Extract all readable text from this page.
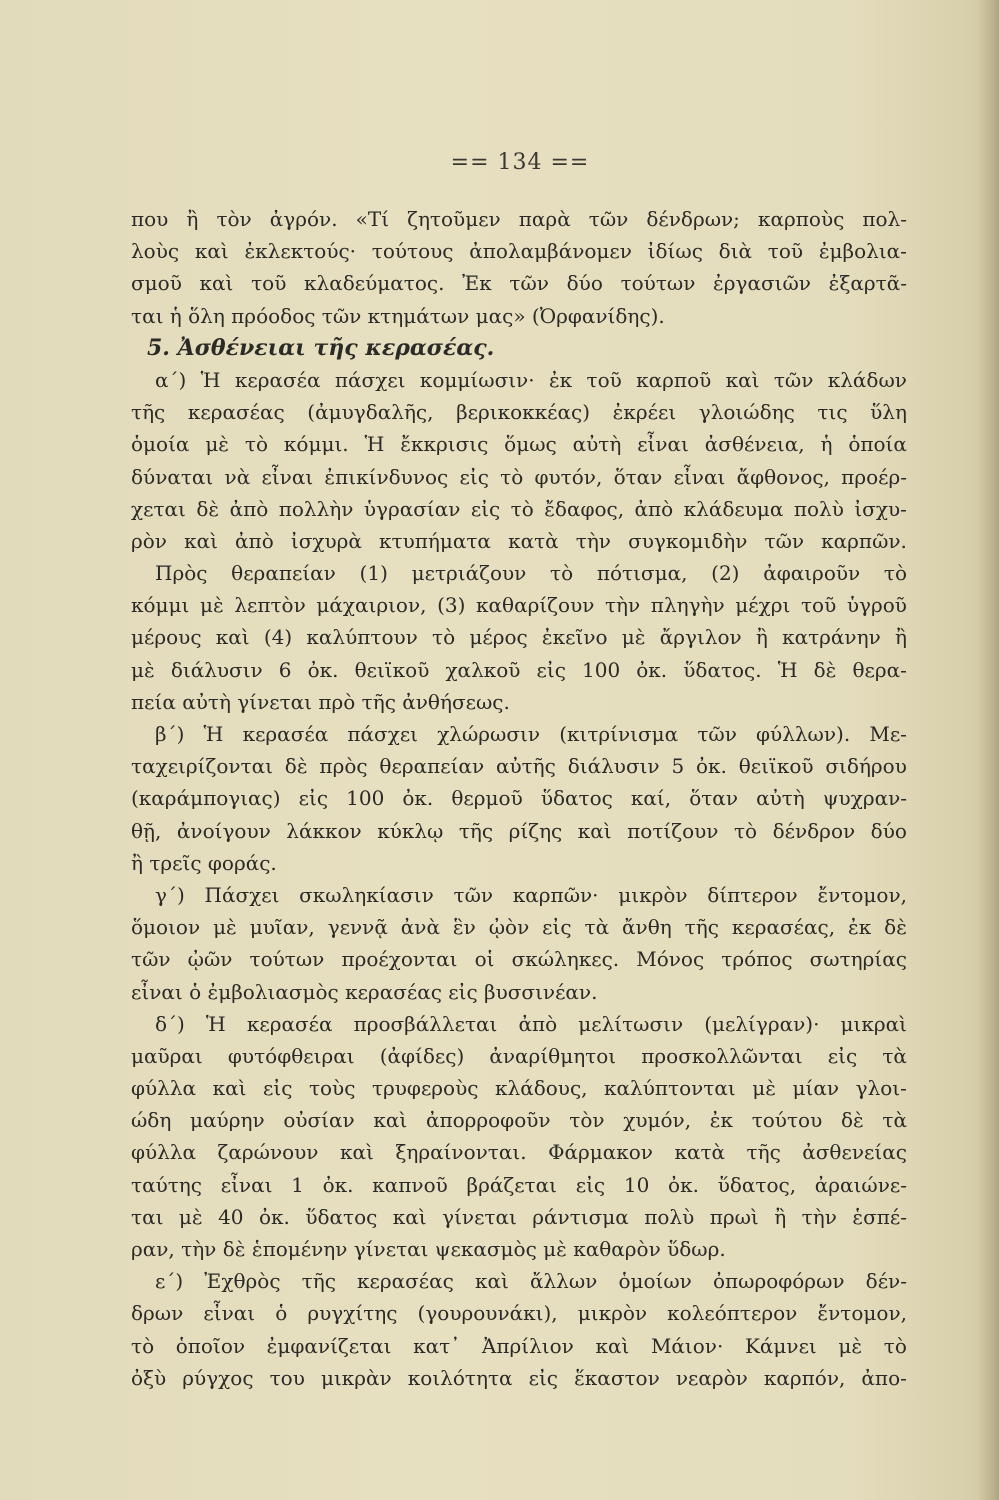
== 134 ==
που ἢ τὸν ἀγρόν. «Τί ζητοῦμεν παρὰ τῶν δένδρων; καρποὺς πολ-
λοὺς καὶ ἐκλεκτούς· τούτους ἀπολαμβάνομεν ἰδίως διὰ τοῦ ἐμβολια-
σμοῦ καὶ τοῦ κλαδεύματος. Ἐκ τῶν δύο τούτων ἐργασιῶν ἐξαρτᾶ-
ται ἡ ὅλη πρόοδος τῶν κτημάτων μας» (Ὀρφανίδης).
5. Ἀσθένειαι τῆς κερασέας.
α΄) Ἡ κερασέα πάσχει κομμίωσιν· ἐκ τοῦ καρποῦ καὶ τῶν κλάδων
τῆς κερασέας (ἀμυγδαλῆς, βερικοκκέας) ἐκρέει γλοιώδης τις ὕλη
ὁμοία μὲ τὸ κόμμι. Ἡ ἔκκρισις ὅμως αὐτὴ εἶναι ἀσθένεια, ἡ ὁποία
δύναται νὰ εἶναι ἐπικίνδυνος εἰς τὸ φυτόν, ὅταν εἶναι ἄφθονος, προέρ-
χεται δὲ ἀπὸ πολλὴν ὑγρασίαν εἰς τὸ ἔδαφος, ἀπὸ κλάδευμα πολὺ ἰσχυ-
ρὸν καὶ ἀπὸ ἰσχυρὰ κτυπήματα κατὰ τὴν συγκομιδὴν τῶν καρπῶν.
Πρὸς θεραπείαν (1) μετριάζουν τὸ πότισμα, (2) ἀφαιροῦν τὸ
κόμμι μὲ λεπτὸν μάχαιριον, (3) καθαρίζουν τὴν πληγὴν μέχρι τοῦ ὑγροῦ
μέρους καὶ (4) καλύπτουν τὸ μέρος ἐκεῖνο μὲ ἄργιλον ἢ κατράνην ἢ
μὲ διάλυσιν 6 ὀκ. θειϊκοῦ χαλκοῦ εἰς 100 ὀκ. ὕδατος. Ἡ δὲ θερα-
πεία αὐτὴ γίνεται πρὸ τῆς ἀνθήσεως.
β΄) Ἡ κερασέα πάσχει χλώρωσιν (κιτρίνισμα τῶν φύλλων). Με-
ταχειρίζονται δὲ πρὸς θεραπείαν αὐτῆς διάλυσιν 5 ὀκ. θειϊκοῦ σιδήρου
(καράμπογιας) εἰς 100 ὀκ. θερμοῦ ὕδατος καί, ὅταν αὐτὴ ψυχραν-
θῇ, ἀνοίγουν λάκκον κύκλῳ τῆς ρίζης καὶ ποτίζουν τὸ δένδρον δύο
ἢ τρεῖς φοράς.
γ΄) Πάσχει σκωληκίασιν τῶν καρπῶν· μικρὸν δίπτερον ἔντομον,
ὅμοιον μὲ μυῖαν, γεννᾷ ἀνὰ ἓν ᾠὸν εἰς τὰ ἄνθη τῆς κερασέας, ἐκ δὲ
τῶν ᾠῶν τούτων προέχονται οἱ σκώληκες. Μόνος τρόπος σωτηρίας
εἶναι ὁ ἐμβολιασμὸς κερασέας εἰς βυσσινέαν.
δ΄) Ἡ κερασέα προσβάλλεται ἀπὸ μελίτωσιν (μελίγραν)· μικραὶ
μαῦραι φυτόφθειραι (ἀφίδες) ἀναρίθμητοι προσκολλῶνται εἰς τὰ
φύλλα καὶ εἰς τοὺς τρυφεροὺς κλάδους, καλύπτονται μὲ μίαν γλοι-
ώδη μαύρην οὐσίαν καὶ ἀπορροφοῦν τὸν χυμόν, ἐκ τούτου δὲ τὰ
φύλλα ζαρώνουν καὶ ξηραίνονται. Φάρμακον κατὰ τῆς ἀσθενείας
ταύτης εἶναι 1 ὀκ. καπνοῦ βράζεται εἰς 10 ὀκ. ὕδατος, ἀραιώνε-
ται μὲ 40 ὀκ. ὕδατος καὶ γίνεται ράντισμα πολὺ πρωὶ ἢ τὴν ἑσπέ-
ραν, τὴν δὲ ἑπομένην γίνεται ψεκασμὸς μὲ καθαρὸν ὕδωρ.
ε΄) Ἐχθρὸς τῆς κερασέας καὶ ἄλλων ὁμοίων ὀπωροφόρων δέν-
δρων εἶναι ὁ ρυγχίτης (γουρουνάκι), μικρὸν κολεόπτερον ἔντομον,
τὸ ὁποῖον ἐμφανίζεται κατ᾽ Ἀπρίλιον καὶ Μάιον· Κάμνει μὲ τὸ
ὀξὺ ρύγχος του μικρὰν κοιλότητα εἰς ἕκαστον νεαρὸν καρπόν, ἀπο-
